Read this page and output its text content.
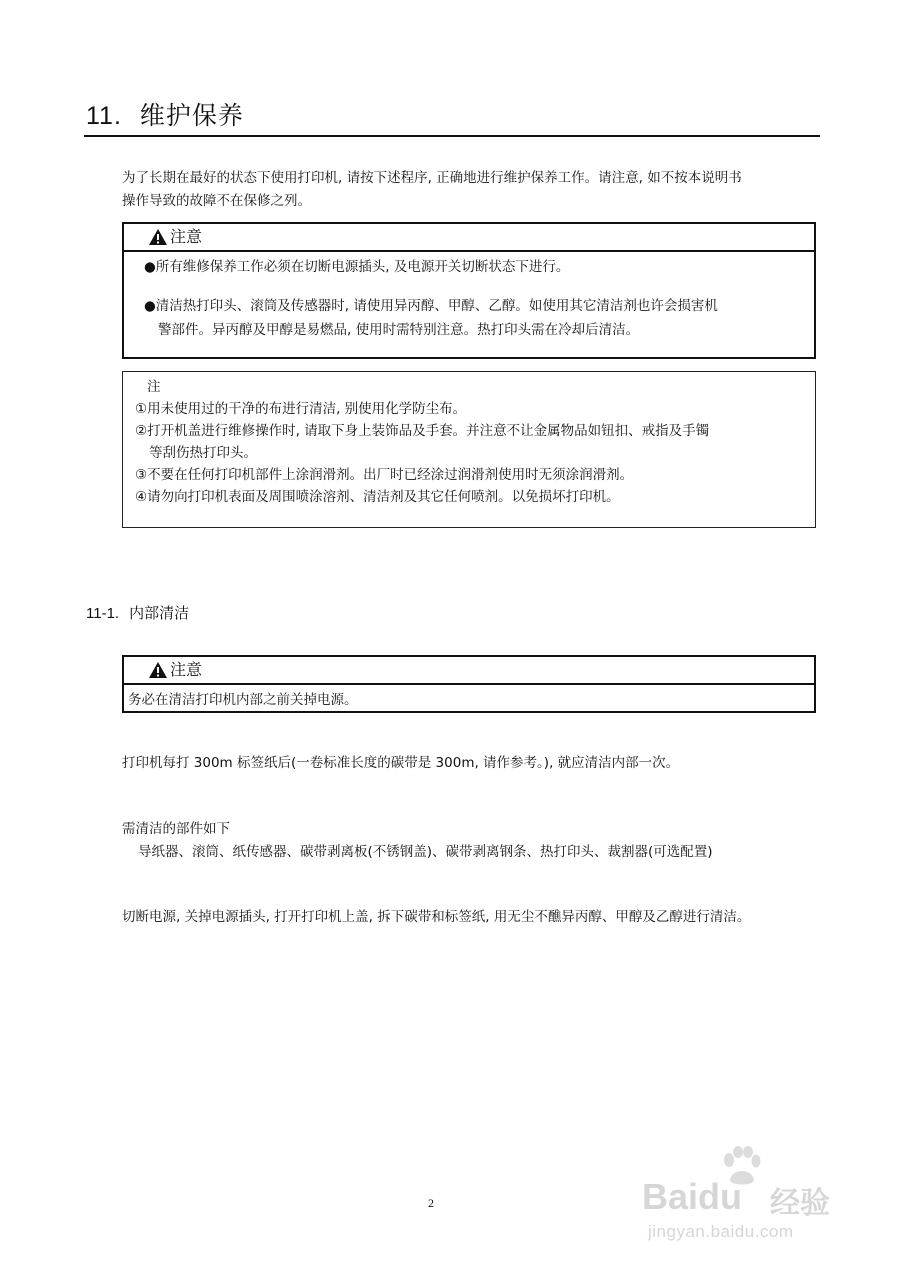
11. 维护保养
为了长期在最好的状态下使用打印机, 请按下述程序, 正确地进行维护保养工作。请注意, 如不按本说明书
操作导致的故障不在保修之列。
注意
●所有维修保养工作必须在切断电源插头, 及电源开关切断状态下进行。
●清洁热打印头、滚筒及传感器时, 请使用异丙醇、甲醇、乙醇。如使用其它清洁剂也许会损害机
警部件。异丙醇及甲醇是易燃品, 使用时需特别注意。热打印头需在冷却后清洁。
注
①用未使用过的干净的布进行清洁, 别使用化学防尘布。
②打开机盖进行维修操作时, 请取下身上装饰品及手套。并注意不让金属物品如钮扣、戒指及手镯
等刮伤热打印头。
③不要在任何打印机部件上涂润滑剂。出厂时已经涂过润滑剂使用时无须涂润滑剂。
④请勿向打印机表面及周围喷涂溶剂、清洁剂及其它任何喷剂。以免损坏打印机。
11-1. 内部清洁
注意
务必在清洁打印机内部之前关掉电源。
打印机每打 300m 标签纸后(一卷标准长度的碳带是 300m, 请作参考。), 就应清洁内部一次。
需清洁的部件如下
导纸器、滚筒、纸传感器、碳带剥离板(不锈钢盖)、碳带剥离钢条、热打印头、裁割器(可选配置)
切断电源, 关掉电源插头, 打开打印机上盖, 拆下碳带和标签纸, 用无尘不醮异丙醇、甲醇及乙醇进行清洁。
2	Baidu 经验
jingyan.baidu.com
